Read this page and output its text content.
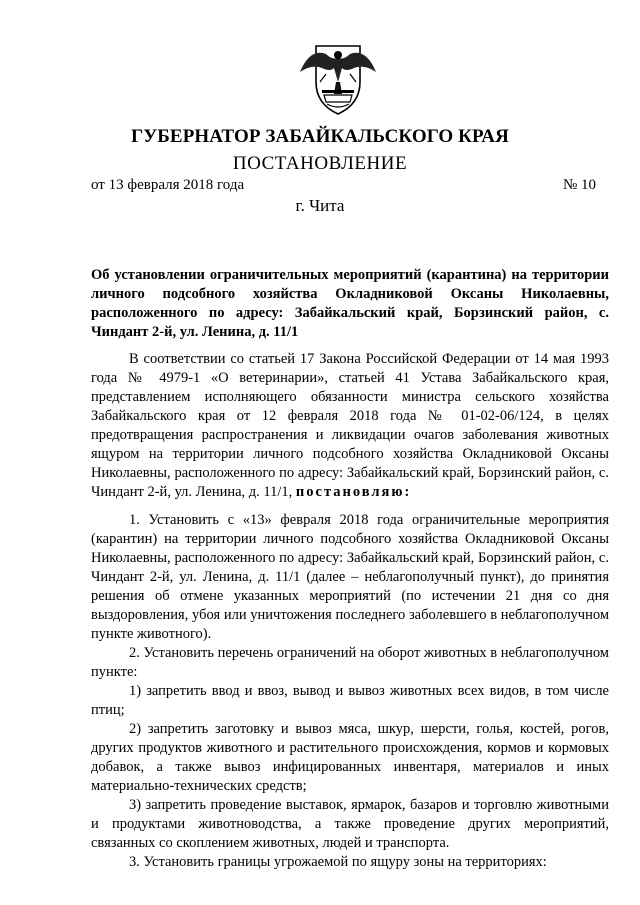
ГУБЕРНАТОР ЗАБАЙКАЛЬСКОГО КРАЯ
ПОСТАНОВЛЕНИЕ
от 13 февраля 2018 года	№ 10
г. Чита
Об установлении ограничительных мероприятий (карантина) на территории личного подсобного хозяйства Окладниковой Оксаны Николаевны, расположенного по адресу: Забайкальский край, Борзинский район, с. Чиндант 2-й, ул. Ленина, д. 11/1

В соответствии со статьей 17 Закона Российской Федерации от 14 мая 1993 года № 4979-1 «О ветеринарии», статьей 41 Устава Забайкальского края, представлением исполняющего обязанности министра сельского хозяйства Забайкальского края от 12 февраля 2018 года № 01-02-06/124, в целях предотвращения распространения и ликвидации очагов заболевания животных ящуром на территории личного подсобного хозяйства Окладниковой Оксаны Николаевны, расположенного по адресу: Забайкальский край, Борзинский район, с. Чиндант 2-й, ул. Ленина, д. 11/1, постановляю:

1. Установить с «13» февраля 2018 года ограничительные мероприятия (карантин) на территории личного подсобного хозяйства Окладниковой Оксаны Николаевны, расположенного по адресу: Забайкальский край, Борзинский район, с. Чиндант 2-й, ул. Ленина, д. 11/1 (далее – неблагополучный пункт), до принятия решения об отмене указанных мероприятий (по истечении 21 дня со дня выздоровления, убоя или уничтожения последнего заболевшего в неблагополучном пункте животного).

2. Установить перечень ограничений на оборот животных в неблагополучном пункте:

1) запретить ввод и ввоз, вывод и вывоз животных всех видов, в том числе птиц;

2) запретить заготовку и вывоз мяса, шкур, шерсти, голья, костей, рогов, других продуктов животного и растительного происхождения, кормов и кормовых добавок, а также вывоз инфицированных инвентаря, материалов и иных материально-технических средств;

3) запретить проведение выставок, ярмарок, базаров и торговлю животными и продуктами животноводства, а также проведение других мероприятий, связанных со скоплением животных, людей и транспорта.

3. Установить границы угрожаемой по ящуру зоны на территориях:
